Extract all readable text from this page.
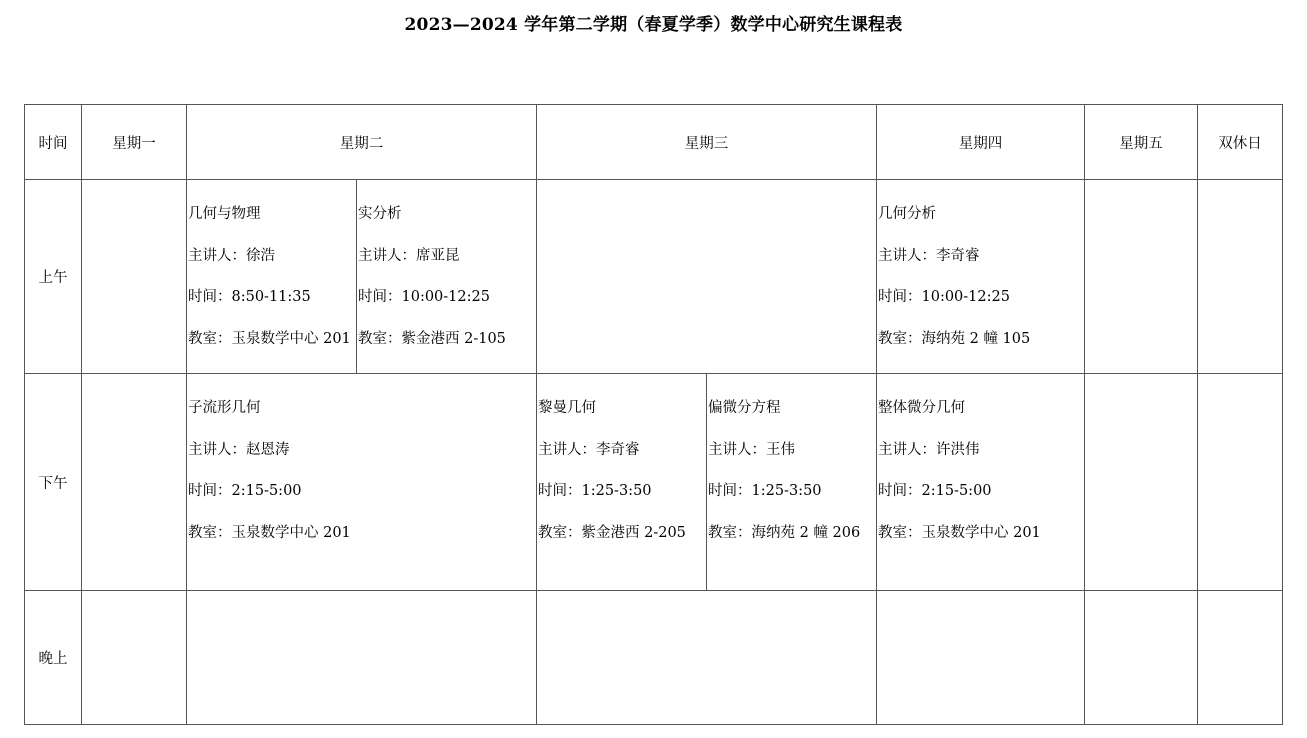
2023—2024 学年第二学期（春夏学季）数学中心研究生课程表
时间	星期一	星期二		星期三		星期四	星期五	双休日
上午		几何与物理
主讲人：徐浩
时间：8:50-11:35
教室：玉泉数学中心 201	实分析
主讲人：席亚昆
时间：10:00-12:25
教室：紫金港西 2-105			几何分析
主讲人：李奇睿
时间：10:00-12:25
教室：海纳苑 2 幢 105		

下午		子流形几何
主讲人：赵恩涛
时间：2:15-5:00
教室：玉泉数学中心 201		黎曼几何
主讲人：李奇睿
时间：1:25-3:50
教室：紫金港西 2-205	偏微分方程
主讲人：王伟
时间：1:25-3:50
教室：海纳苑 2 幢 206	整体微分几何
主讲人：许洪伟
时间：2:15-5:00
教室：玉泉数学中心 201		

晚上								
